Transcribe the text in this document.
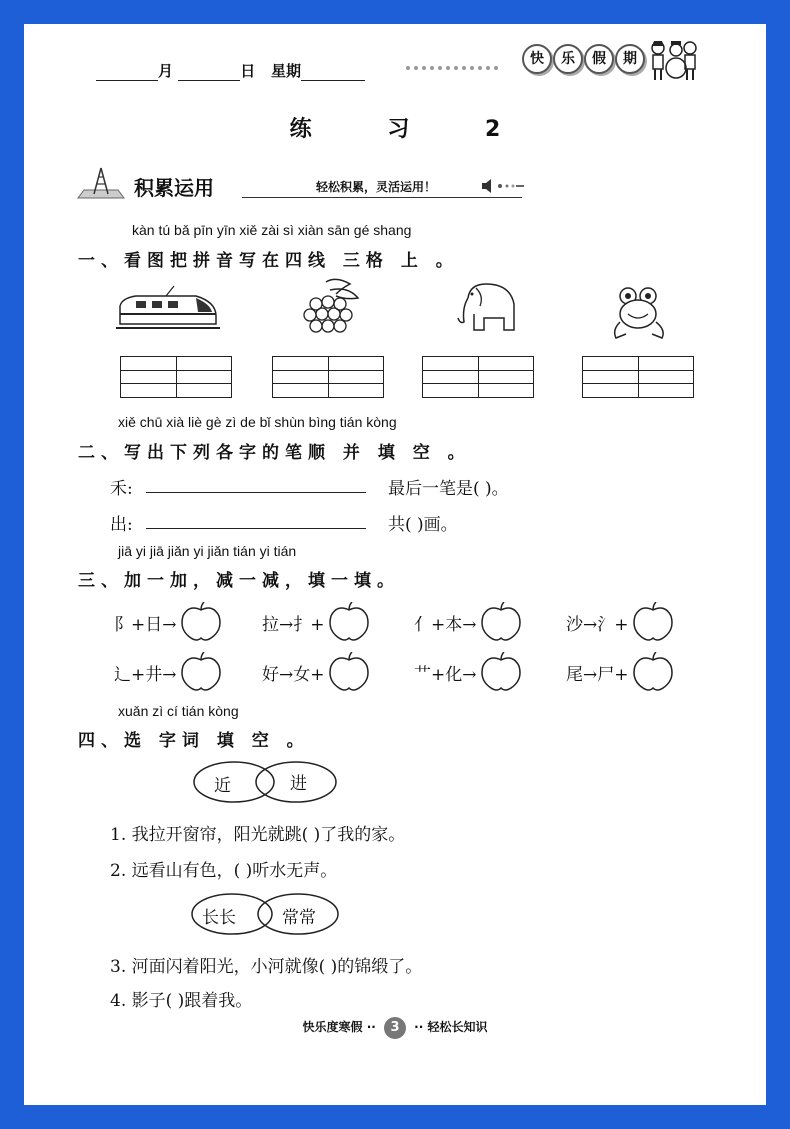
月	日 星期
快	乐	假	期
练 习 2
积累运用	轻松积累，灵活运用！
kàn tú bǎ pīn yīn xiě zài sì xiàn sān gé shang
一、看图把拼音写在四线 三格 上 。
xiě chū xià liè gè zì de bǐ shùn bìng tián kòng
二、写出下列各字的笔顺 并 填 空 。
禾:	最后一笔是( )。
出:	共( )画。
jiā yi jiā jiǎn yi jiǎn tián yi tián
三、加一加，减一减，填一填。
阝+日→	拉→扌+	亻+本→	沙→氵+
辶+井→	好→女+	艹+化→	尾→尸+
xuǎn zì cí tián kòng
四、选 字词 填 空 。
近	进
1. 我拉开窗帘，阳光就跳( )了我的家。
2. 远看山有色，( )听水无声。
长长	常常
3. 河面闪着阳光，小河就像( )的锦缎了。
4. 影子( )跟着我。
快乐度寒假 ·· 3 ·· 轻松长知识
